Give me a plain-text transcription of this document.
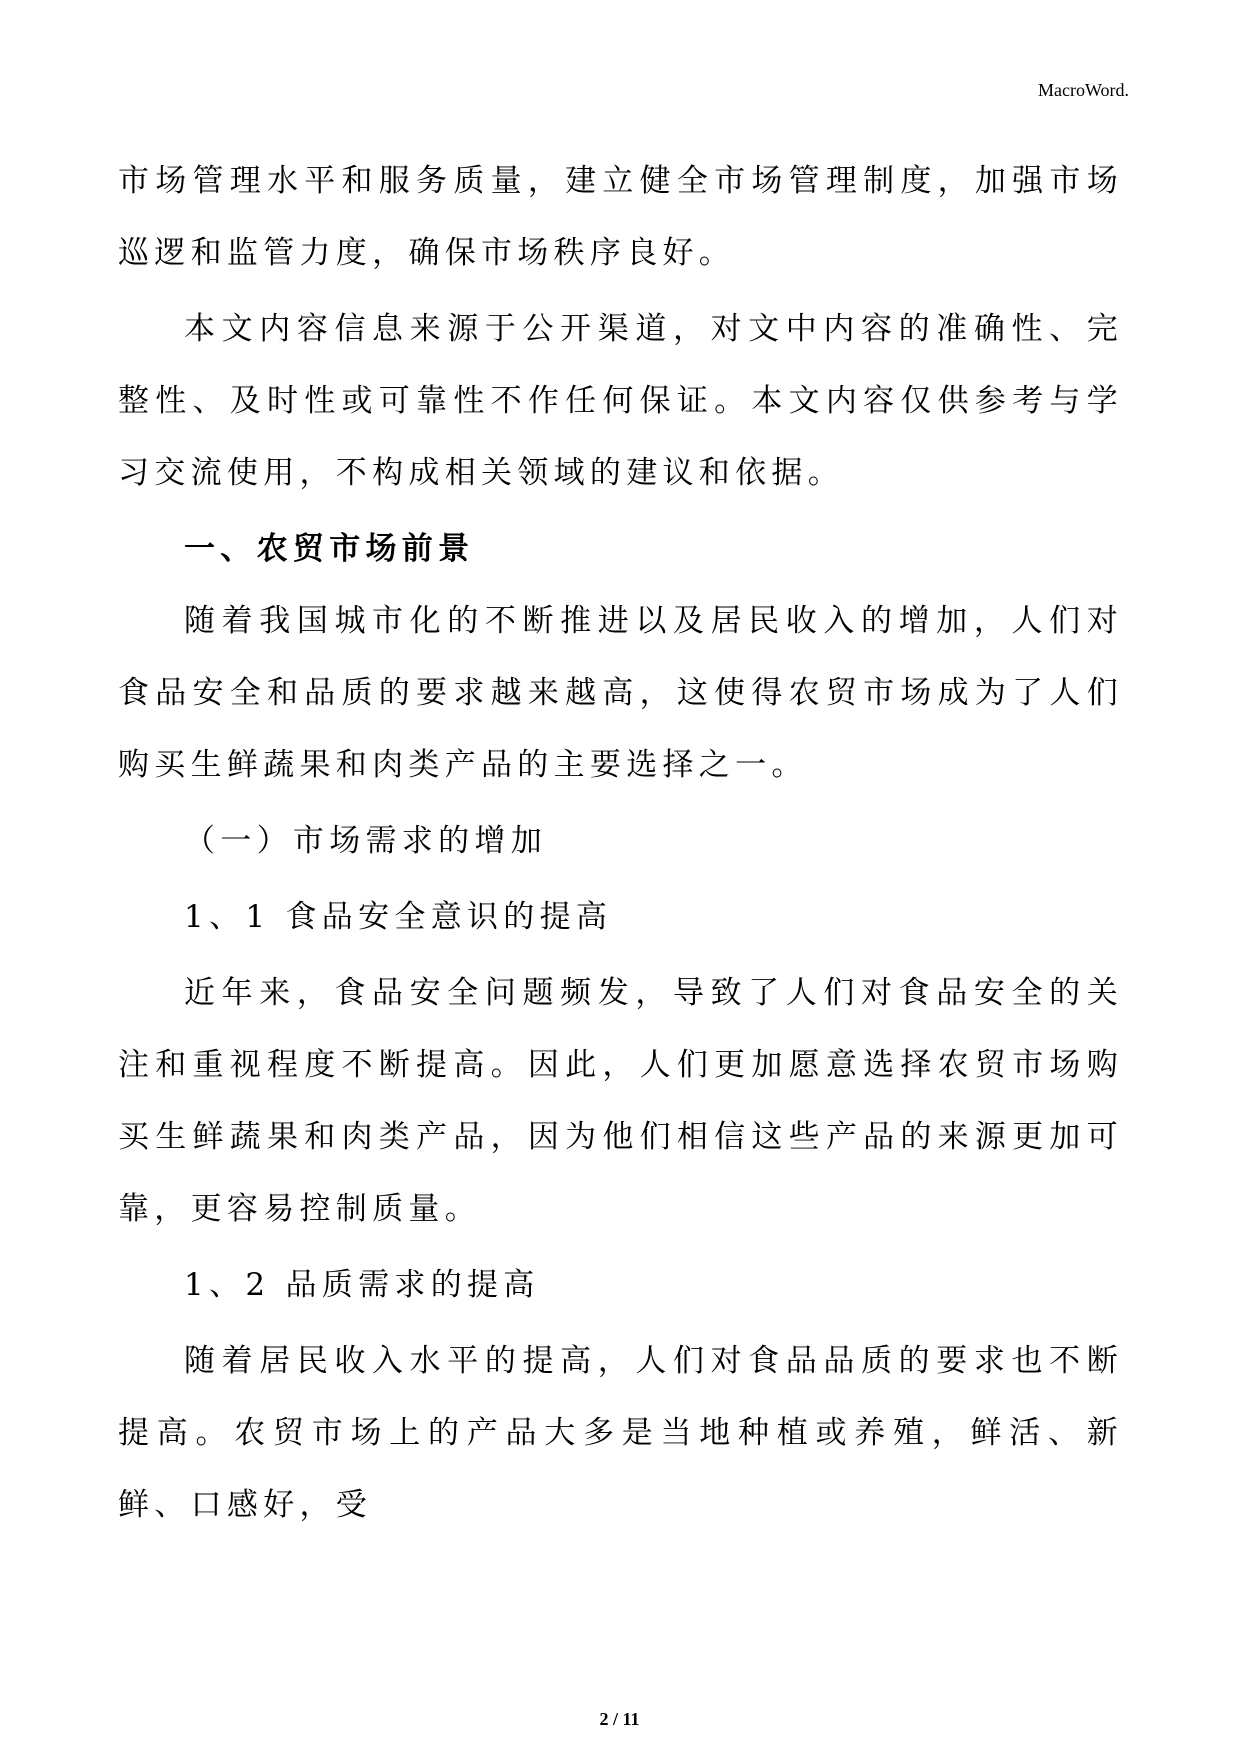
MacroWord.

市场管理水平和服务质量，建立健全市场管理制度，加强市场巡逻和监管力度，确保市场秩序良好。

本文内容信息来源于公开渠道，对文中内容的准确性、完整性、及时性或可靠性不作任何保证。本文内容仅供参考与学习交流使用，不构成相关领域的建议和依据。

一、农贸市场前景

随着我国城市化的不断推进以及居民收入的增加，人们对食品安全和品质的要求越来越高，这使得农贸市场成为了人们购买生鲜蔬果和肉类产品的主要选择之一。

（一）市场需求的增加

1、1 食品安全意识的提高

近年来，食品安全问题频发，导致了人们对食品安全的关注和重视程度不断提高。因此，人们更加愿意选择农贸市场购买生鲜蔬果和肉类产品，因为他们相信这些产品的来源更加可靠，更容易控制质量。

1、2 品质需求的提高

随着居民收入水平的提高，人们对食品品质的要求也不断提高。农贸市场上的产品大多是当地种植或养殖，鲜活、新鲜、口感好，受

2 / 11
